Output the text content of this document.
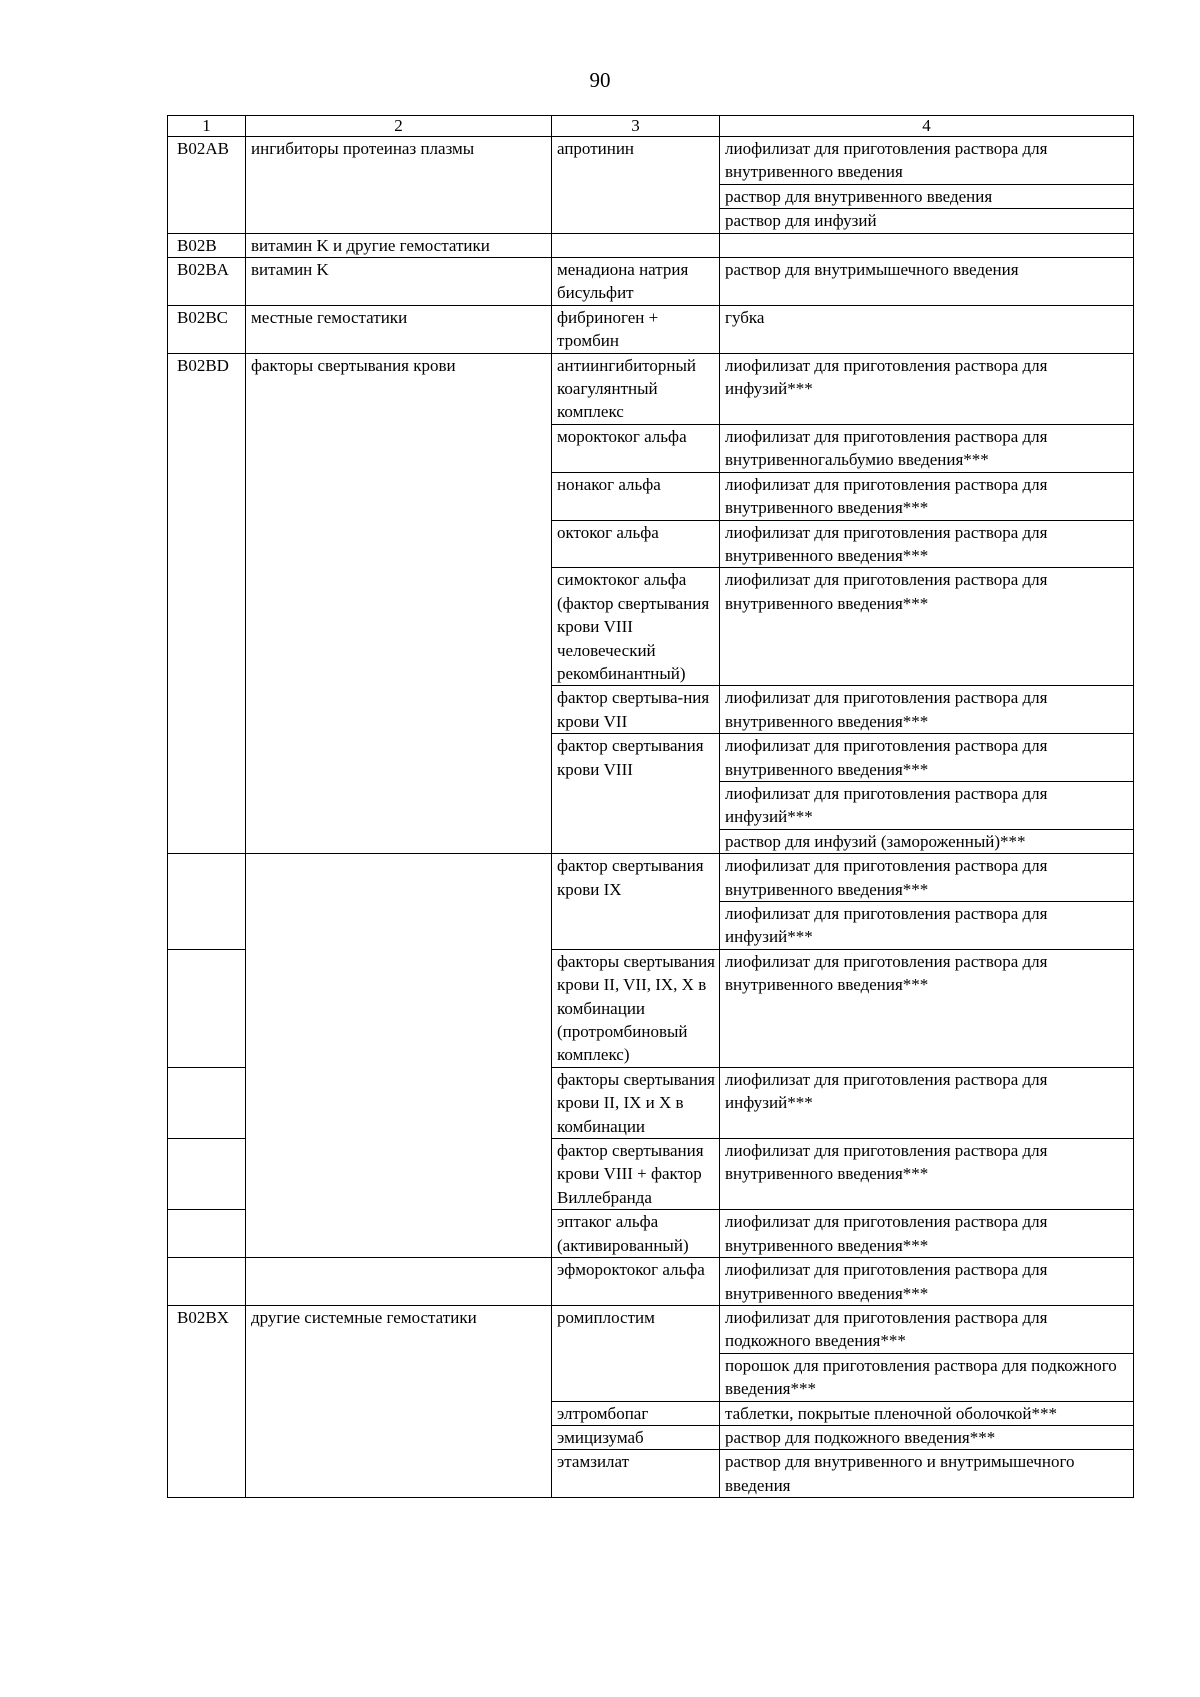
90
1	2	3	4
B02AB	ингибиторы протеиназ плазмы	апротинин	лиофилизат для приготовления раствора для внутривенного введения
			раствор для внутривенного введения
			раствор для инфузий
B02B	витамин K и другие гемостатики		
B02BA	витамин K	менадиона натрия бисульфит	раствор для внутримышечного введения
B02BC	местные гемостатики	фибриноген + тромбин	губка
B02BD	факторы свертывания крови	антиингибиторный коагулянтный комплекс	лиофилизат для приготовления раствора для инфузий***
		мороктоког альфа	лиофилизат для приготовления раствора для внутривенногальбумио введения***
		нонаког альфа	лиофилизат для приготовления раствора для внутривенного введения***
		октоког альфа	лиофилизат для приготовления раствора для внутривенного введения***
		симоктоког альфа (фактор свертывания крови VIII человеческий рекомбинантный)	лиофилизат для приготовления раствора для внутривенного введения***
		фактор свертыва-ния крови VII	лиофилизат для приготовления раствора для внутривенного введения***
		фактор свертывания крови VIII	лиофилизат для приготовления раствора для внутривенного введения***
			лиофилизат для приготовления раствора для инфузий***
			раствор для инфузий (замороженный)***
		фактор свертывания крови IX	лиофилизат для приготовления раствора для внутривенного введения***
			лиофилизат для приготовления раствора для инфузий***
		факторы свертывания крови II, VII, IX, X в комбинации (протромбиновый комплекс)	лиофилизат для приготовления раствора для внутривенного введения***
		факторы свертывания крови II, IX и X в комбинации	лиофилизат для приготовления раствора для инфузий***
		фактор свертывания крови VIII + фактор Виллебранда	лиофилизат для приготовления раствора для внутривенного введения***
		эптаког альфа (активированный)	лиофилизат для приготовления раствора для внутривенного введения***
		эфмороктоког альфа	лиофилизат для приготовления раствора для внутривенного введения***
B02BX	другие системные гемостатики	ромиплостим	лиофилизат для приготовления раствора для подкожного введения***
			порошок для приготовления раствора для подкожного введения***
		элтромбопаг	таблетки, покрытые пленочной оболочкой***
		эмицизумаб	раствор для подкожного введения***
		этамзилат	раствор для внутривенного и внутримышечного введения
